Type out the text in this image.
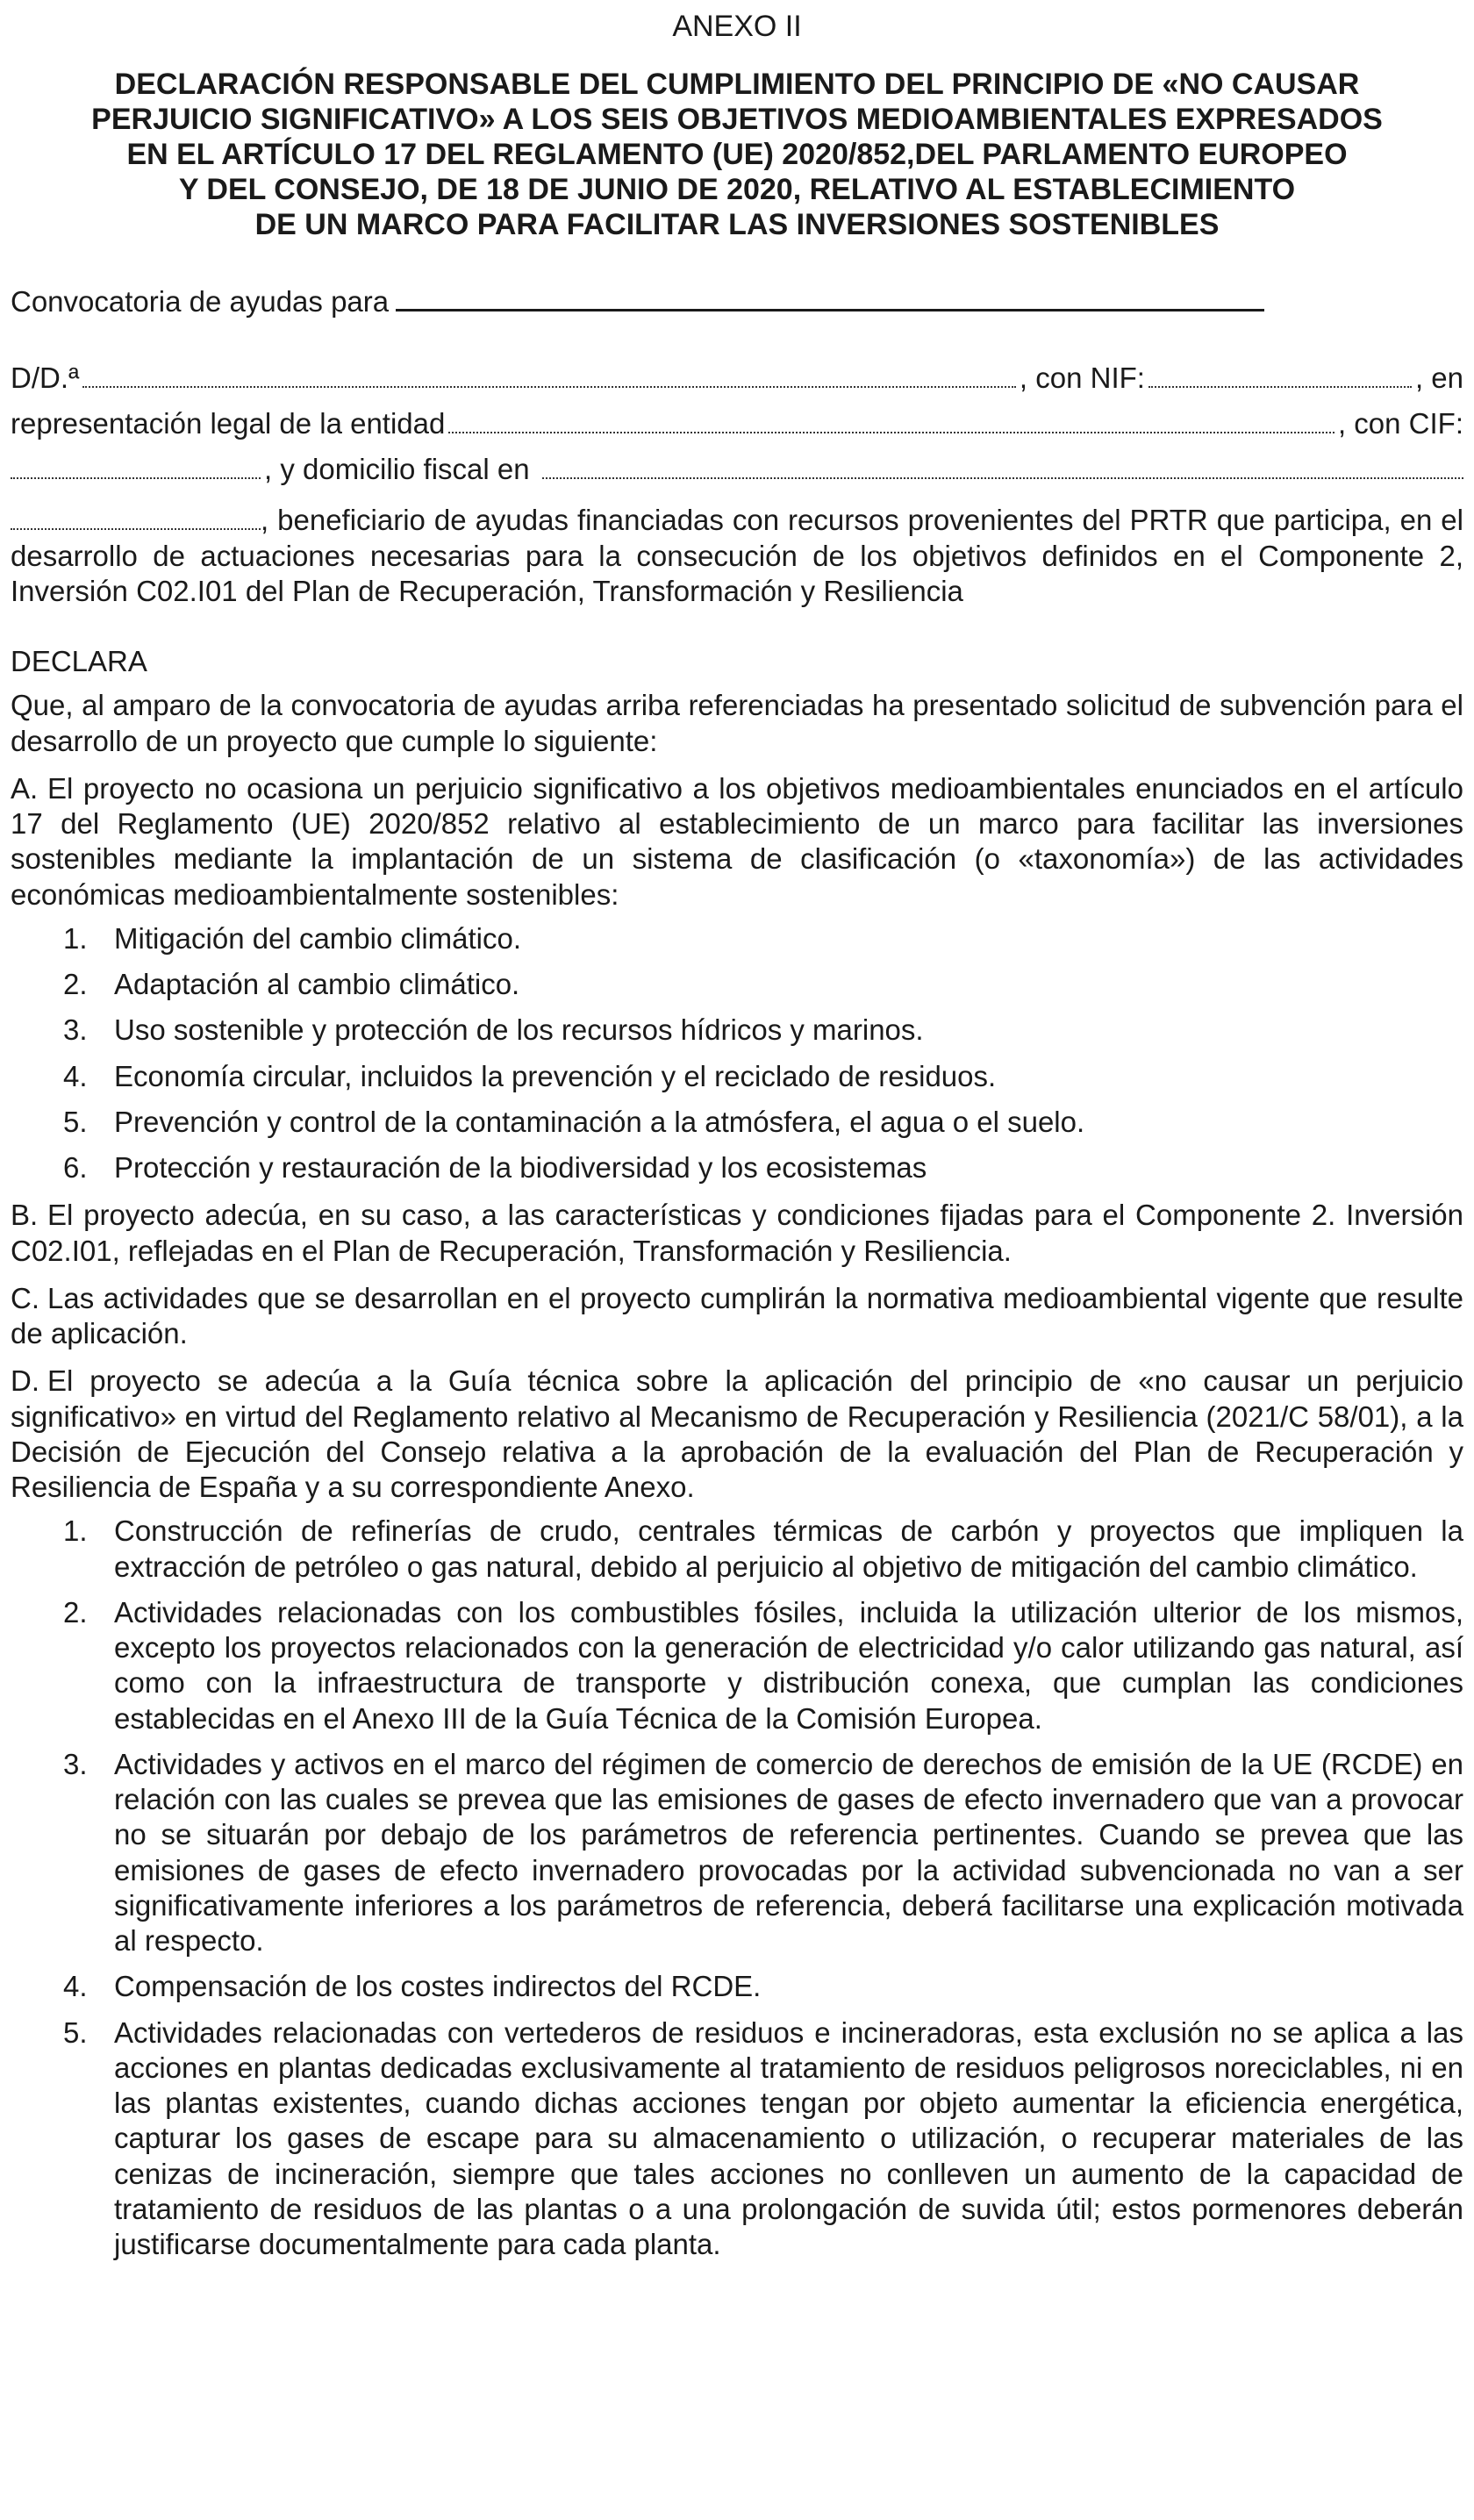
ANEXO II
DECLARACIÓN RESPONSABLE DEL CUMPLIMIENTO DEL PRINCIPIO DE «NO CAUSAR
PERJUICIO SIGNIFICATIVO» A LOS SEIS OBJETIVOS MEDIOAMBIENTALES EXPRESADOS
EN EL ARTÍCULO 17 DEL REGLAMENTO (UE) 2020/852,DEL PARLAMENTO EUROPEO
Y DEL CONSEJO, DE 18 DE JUNIO DE 2020, RELATIVO AL ESTABLECIMIENTO
DE UN MARCO PARA FACILITAR LAS INVERSIONES SOSTENIBLES
Convocatoria de ayudas para
D/D.ª	, con NIF:	, en
representación legal de la entidad	, con CIF:
, y domicilio fiscal en

, beneficiario de ayudas financiadas con recursos provenientes del PRTR que participa, en el desarrollo de actuaciones necesarias para la consecución de los objetivos definidos en el Componente 2, Inversión C02.I01 del Plan de Recuperación, Transformación y Resiliencia

DECLARA

Que, al amparo de la convocatoria de ayudas arriba referenciadas ha presentado solicitud de subvención para el desarrollo de un proyecto que cumple lo siguiente:

A. El proyecto no ocasiona un perjuicio significativo a los objetivos medioambientales enunciados en el artículo 17 del Reglamento (UE) 2020/852 relativo al establecimiento de un marco para facilitar las inversiones sostenibles mediante la implantación de un sistema de clasificación (o «taxonomía») de las actividades económicas medioambientalmente sostenibles:

1. Mitigación del cambio climático.
2. Adaptación al cambio climático.
3. Uso sostenible y protección de los recursos hídricos y marinos.
4. Economía circular, incluidos la prevención y el reciclado de residuos.
5. Prevención y control de la contaminación a la atmósfera, el agua o el suelo.
6. Protección y restauración de la biodiversidad y los ecosistemas

B. El proyecto adecúa, en su caso, a las características y condiciones fijadas para el Componente 2. Inversión C02.I01, reflejadas en el Plan de Recuperación, Transformación y Resiliencia.

C. Las actividades que se desarrollan en el proyecto cumplirán la normativa medioambiental vigente que resulte de aplicación.

D. El proyecto se adecúa a la Guía técnica sobre la aplicación del principio de «no causar un perjuicio significativo» en virtud del Reglamento relativo al Mecanismo de Recuperación y Resiliencia (2021/C 58/01), a la Decisión de Ejecución del Consejo relativa a la aprobación de la evaluación del Plan de Recuperación y Resiliencia de España y a su correspondiente Anexo.

1. Construcción de refinerías de crudo, centrales térmicas de carbón y proyectos que impliquen la extracción de petróleo o gas natural, debido al perjuicio al objetivo de mitigación del cambio climático.
2. Actividades relacionadas con los combustibles fósiles, incluida la utilización ulterior de los mismos, excepto los proyectos relacionados con la generación de electricidad y/o calor utilizando gas natural, así como con la infraestructura de transporte y distribución conexa, que cumplan las condiciones establecidas en el Anexo III de la Guía Técnica de la Comisión Europea.
3. Actividades y activos en el marco del régimen de comercio de derechos de emisión de la UE (RCDE) en relación con las cuales se prevea que las emisiones de gases de efecto invernadero que van a provocar no se situarán por debajo de los parámetros de referencia pertinentes. Cuando se prevea que las emisiones de gases de efecto invernadero provocadas por la actividad subvencionada no van a ser significativamente inferiores a los parámetros de referencia, deberá facilitarse una explicación motivada al respecto.
4. Compensación de los costes indirectos del RCDE.
5. Actividades relacionadas con vertederos de residuos e incineradoras, esta exclusión no se aplica a las acciones en plantas dedicadas exclusivamente al tratamiento de residuos peligrosos noreciclables, ni en las plantas existentes, cuando dichas acciones tengan por objeto aumentar la eficiencia energética, capturar los gases de escape para su almacenamiento o utilización, o recuperar materiales de las cenizas de incineración, siempre que tales acciones no conlleven un aumento de la capacidad de tratamiento de residuos de las plantas o a una prolongación de suvida útil; estos pormenores deberán justificarse documentalmente para cada planta.
